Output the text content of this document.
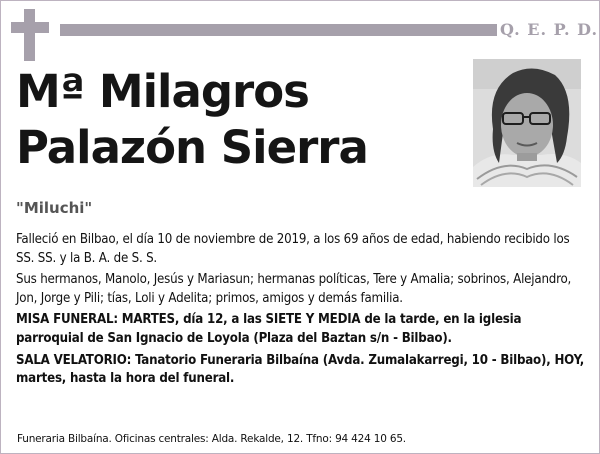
Q. E. P. D.
Mª Milagros
Palazón Sierra
"Miluchi"

Falleció en Bilbao, el día 10 de noviembre de 2019, a los 69 años de edad, habiendo recibido los SS. SS. y la B. A. de S. S.

Sus hermanos, Manolo, Jesús y Mariasun; hermanas políticas, Tere y Amalia; sobrinos, Alejandro, Jon, Jorge y Pili; tías, Loli y Adelita; primos, amigos y demás familia.

MISA FUNERAL: MARTES, día 12, a las SIETE Y MEDIA de la tarde, en la iglesia parroquial de San Ignacio de Loyola (Plaza del Baztan s/n - Bilbao).

SALA VELATORIO: Tanatorio Funeraria Bilbaína (Avda. Zumalakarregi, 10 - Bilbao), HOY, martes, hasta la hora del funeral.

Funeraria Bilbaína. Oficinas centrales: Alda. Rekalde, 12. Tfno: 94 424 10 65.
